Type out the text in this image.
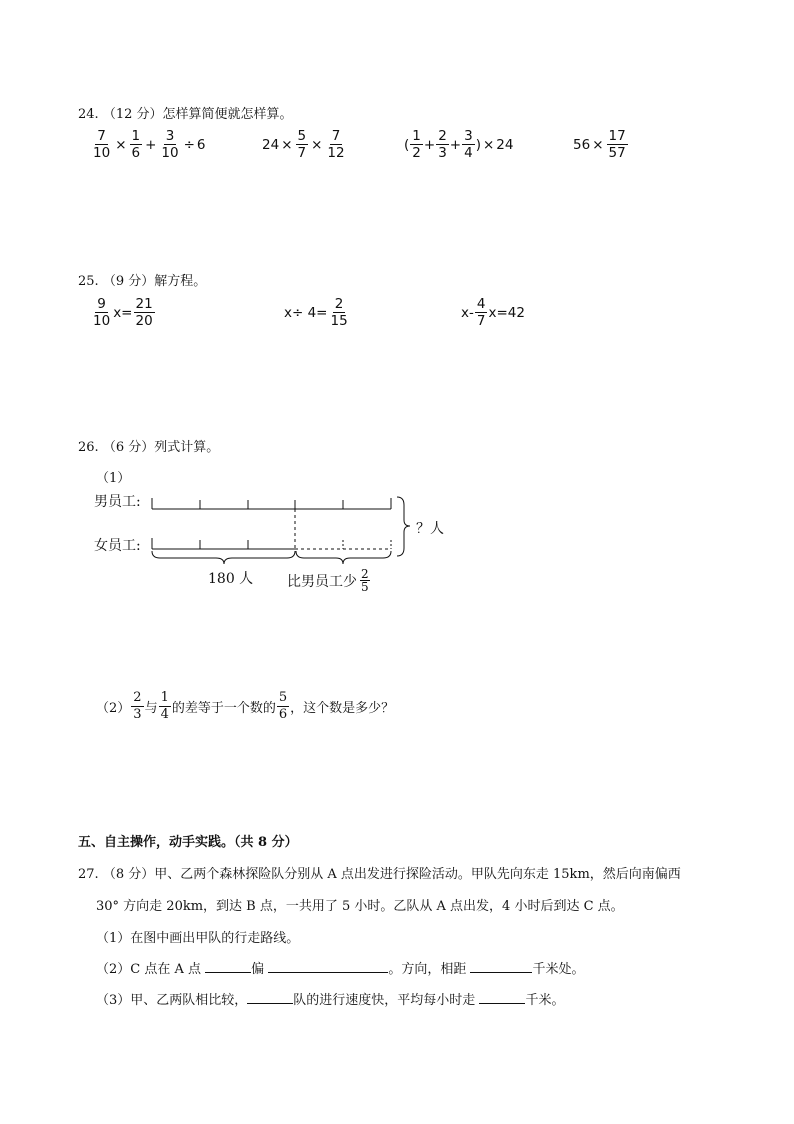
24. （12 分）怎样算简便就怎样算。
$\frac{7}{10} \times \frac{1}{6} + \frac{3}{10} \div 6$	$24 \times \frac{5}{7} \times \frac{7}{12}$	( $\frac{1}{2} + \frac{2}{3} + \frac{3}{4}$ ) × 24	$56 \times \frac{17}{57}$
25. （9 分）解方程。
$\frac{9}{10} x= \frac{21}{20}$	$x\div 4= \frac{2}{15}$	$x- \frac{4}{7} x=42$
26. （6 分）列式计算。
（1）
男员工:
女员工:
？人
180 人 比男员工少 2
5
$(2) \frac{2}{3}$ 与 $\frac{1}{4}$ 的差等于一个数的 $\frac{5}{6}$ ，这个数是多少？
五、自主操作，动手实践。（共 8 分）
27. （8 分）甲、乙两个森林探险队分别从 A 点出发进行探险活动。甲队先向东走 15km，然后向南偏西
30° 方向走 20km，到达 B 点，一共用了 5 小时。乙队从 A 点出发，4 小时后到达 C 点。
（1）在图中画出甲队的行走路线。
（2）C 点在 A 点	偏	。方向，相距	千米处。
（3）甲、乙两队相比较，	队的进行速度快，平均每小时走	千米。
